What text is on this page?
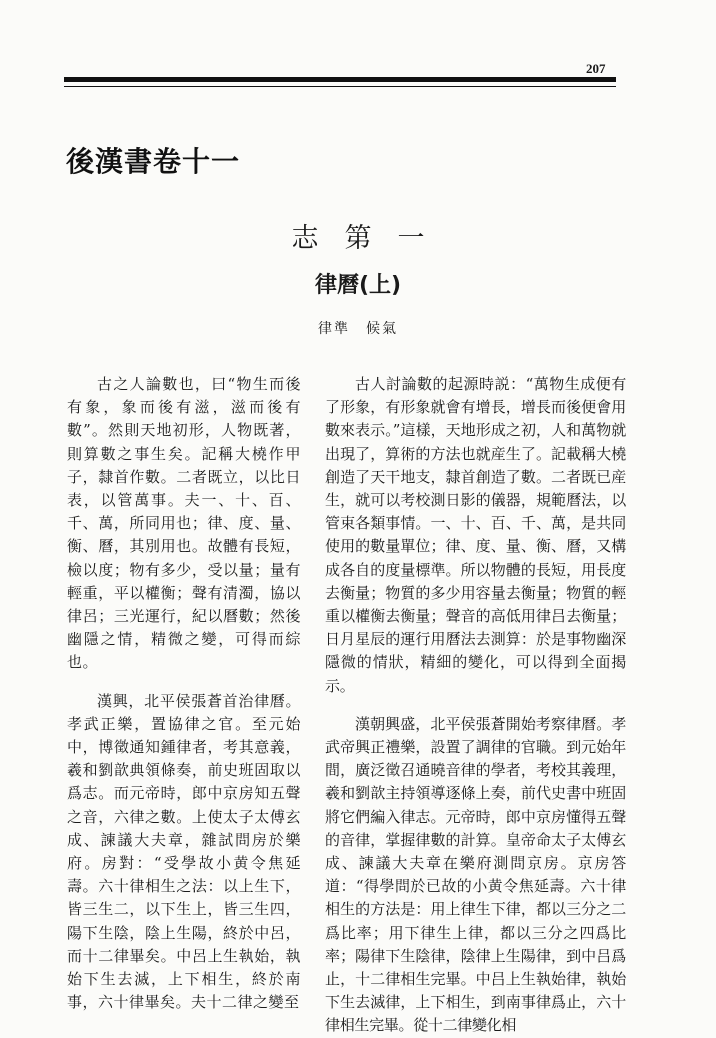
207
後漢書卷十一
志第一
律曆(上)
律準　候氣

古之人論數也，曰“物生而後有象，象而後有滋，滋而後有數”。然則天地初形，人物既著，則算數之事生矣。記稱大橈作甲子，隸首作數。二者既立，以比日表，以管萬事。夫一、十、百、千、萬，所同用也；律、度、量、衡、曆，其別用也。故體有長短，檢以度；物有多少，受以量；量有輕重，平以權衡；聲有清濁，協以律呂；三光運行，紀以曆數；然後幽隱之情，精微之變，可得而綜也。

漢興，北平侯張蒼首治律曆。孝武正樂，置協律之官。至元始中，博徵通知鍾律者，考其意義，羲和劉歆典領條奏，前史班固取以爲志。而元帝時，郎中京房知五聲之音，六律之數。上使太子太傅玄成、諫議大夫章，雜試問房於樂府。房對：“受學故小黄令焦延壽。六十律相生之法：以上生下，皆三生二，以下生上，皆三生四，陽下生陰，陰上生陽，終於中呂，而十二律畢矣。中呂上生執始，執始下生去滅，上下相生，終於南事，六十律畢矣。夫十二律之變至

古人討論數的起源時説：“萬物生成便有了形象，有形象就會有增長，增長而後便會用數來表示。”這樣，天地形成之初，人和萬物就出現了，算術的方法也就産生了。記載稱大橈創造了天干地支，隸首創造了數。二者既已産生，就可以考校測日影的儀器，規範曆法，以管束各類事情。一、十、百、千、萬，是共同使用的數量單位；律、度、量、衡、曆，又構成各自的度量標準。所以物體的長短，用長度去衡量；物質的多少用容量去衡量；物質的輕重以權衡去衡量；聲音的高低用律吕去衡量；日月星辰的運行用曆法去測算：於是事物幽深隱微的情狀，精細的變化，可以得到全面揭示。

漢朝興盛，北平侯張蒼開始考察律曆。孝武帝興正禮樂，設置了調律的官職。到元始年間，廣泛徵召通曉音律的學者，考校其義理，羲和劉歆主持領導逐條上奏，前代史書中班固將它們編入律志。元帝時，郎中京房懂得五聲的音律，掌握律數的計算。皇帝命太子太傅玄成、諫議大夫章在樂府測問京房。京房答道：“得學問於已故的小黄令焦延壽。六十律相生的方法是：用上律生下律，都以三分之二爲比率；用下律生上律，都以三分之四爲比率；陽律下生陰律，陰律上生陽律，到中吕爲止，十二律相生完畢。中吕上生執始律，執始下生去滅律，上下相生，到南事律爲止，六十律相生完畢。從十二律變化相
